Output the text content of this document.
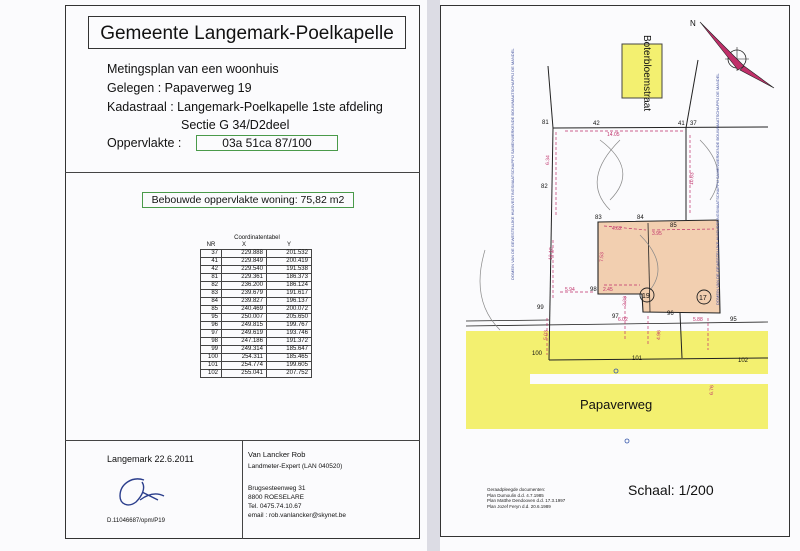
Gemeente Langemark-Poelkapelle
Metingsplan van een woonhuis
Gelegen : Papaverweg 19
Kadastraal : Langemark-Poelkapelle 1ste afdeling
Sectie G 34/D2deel
Oppervlakte :	03a 51ca 87/100
Bebouwde oppervlakte woning: 75,82 m2
Coordinatentabel
NR	X	Y
37	229.888	201.532
41	229.849	200.419
42	229.540	191.538
81	229.361	186.373
82	236.200	186.124
83	239.679	191.617
84	239.827	196.137
85	240.469	200.072
95	250.007	205.650
96	249.815	199.767
97	249.619	193.746
98	247.186	191.372
99	249.314	185.647
100	254.311	185.465
101	254.774	199.605
102	255.041	207.752
Langemark 22.6.2011
D.11046687/opm/P19
Van Lancker Rob
Landmeter-Expert (LAN 040520)
Brugsesteenweg 31
8800 ROESELARE
Tel. 0475.74.10.67
email : rob.vanlancker@skynet.be
42	41 37
81
82
83	84
85
98
97	96
95
99
100
101	102
19	17
14.05
6.34
13.12
5.03
10.63
5.94	2.45
7.53
3.95
4.62
2.33
6.02	5.88
4.96
6.76
DOMEIN VAN DE GEWESTELIJKE HUISVESTINGSMAATSCHAPPIJ SAMENWERKENDE BOUWMAATSCHAPPIJ DE MANDEL	DOMEIN VAN DE GEWESTELIJKE HUISVESTINGSMAATSCHAPPIJ SAMENWERKENDE BOUWMAATSCHAPPIJ DE MANDEL
Boterbloemstraat
N
Papaverweg
Schaal: 1/200
Geraadpleegde documenten:
Plan Dumoulin d.d. 4.7.1985
Plan Matthe Dendooven d.d. 17.3.1997
Plan Jozef Feryn d.d. 20.6.1989
